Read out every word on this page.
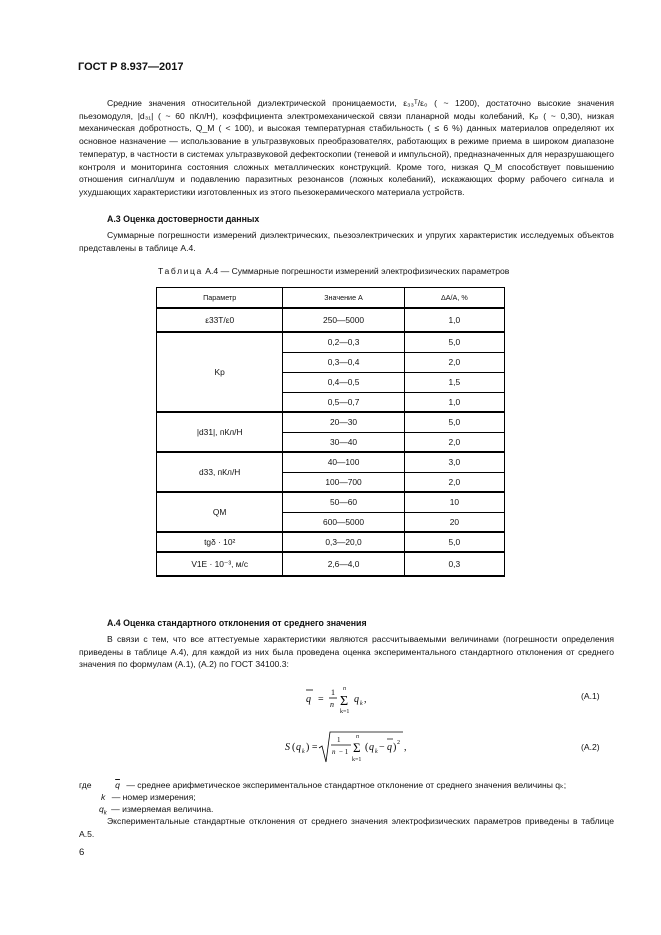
ГОСТ Р 8.937—2017
Средние значения относительной диэлектрической проницаемости, ε₃₃ᵀ/ε₀ ( ~ 1200), достаточно высокие значения пьезомодуля, |d₃₁| ( ~ 60 пКл/Н), коэффициента электромеханической связи планарной моды колебаний, Kₚ ( ~ 0,30), низкая механическая добротность, Q_M ( < 100), и высокая температурная стабильность ( ≤ 6 %) данных материалов определяют их основное назначение — использование в ультразвуковых преобразователях, работающих в режиме приема в широком диапазоне температур, в частности в системах ультразвуковой дефектоскопии (теневой и импульсной), предназначенных для неразрушающего контроля и мониторинга состояния сложных металлических конструкций. Кроме того, низкая Q_M способствует повышению отношения сигнал/шум и подавлению паразитных резонансов (ложных колебаний), искажающих форму рабочего сигнала и ухудшающих характеристики изготовленных из этого пьезокерамического материала устройств.
А.3 Оценка достоверности данных
Суммарные погрешности измерений диэлектрических, пьезоэлектрических и упругих характеристик исследуемых объектов представлены в таблице А.4.
Таблица А.4 — Суммарные погрешности измерений электрофизических параметров
Параметр	Значение A	ΔA/A, %
ε33T/ε0	250—5000	1,0
Kp	0,2—0,3	5,0
	0,3—0,4	2,0
	0,4—0,5	1,5
	0,5—0,7	1,0
|d31|, пКл/Н	20—30	5,0
	30—40	2,0
d33, пКл/Н	40—100	3,0
	100—700	2,0
QM	50—60	10
	600—5000	20
tgδ · 10²	0,3—20,0	5,0
V1E · 10⁻³, м/с	2,6—4,0	0,3
А.4 Оценка стандартного отклонения от среднего значения
В связи с тем, что все аттестуемые характеристики являются рассчитываемыми величинами (погрешности определения приведены в таблице А.4), для каждой из них была проведена оценка экспериментального стандартного отклонения от среднего значения по формулам (А.1), (А.2) по ГОСТ 34100.3:
q =
1
n Σ
n
k=1
q k ,	(А.1)
S ( q k ) =
1
n − 1 Σ
n
k=1
( q k − q ) 2 ,	(А.2)
где	$\overline{q}$ — среднее арифметическое экспериментальное стандартное отклонение от среднего значения величины qₖ;
k — номер измерения;
$q_k$ — измеряемая величина.
Экспериментальные стандартные отклонения от среднего значения электрофизических параметров приведены в таблице А.5.
6
